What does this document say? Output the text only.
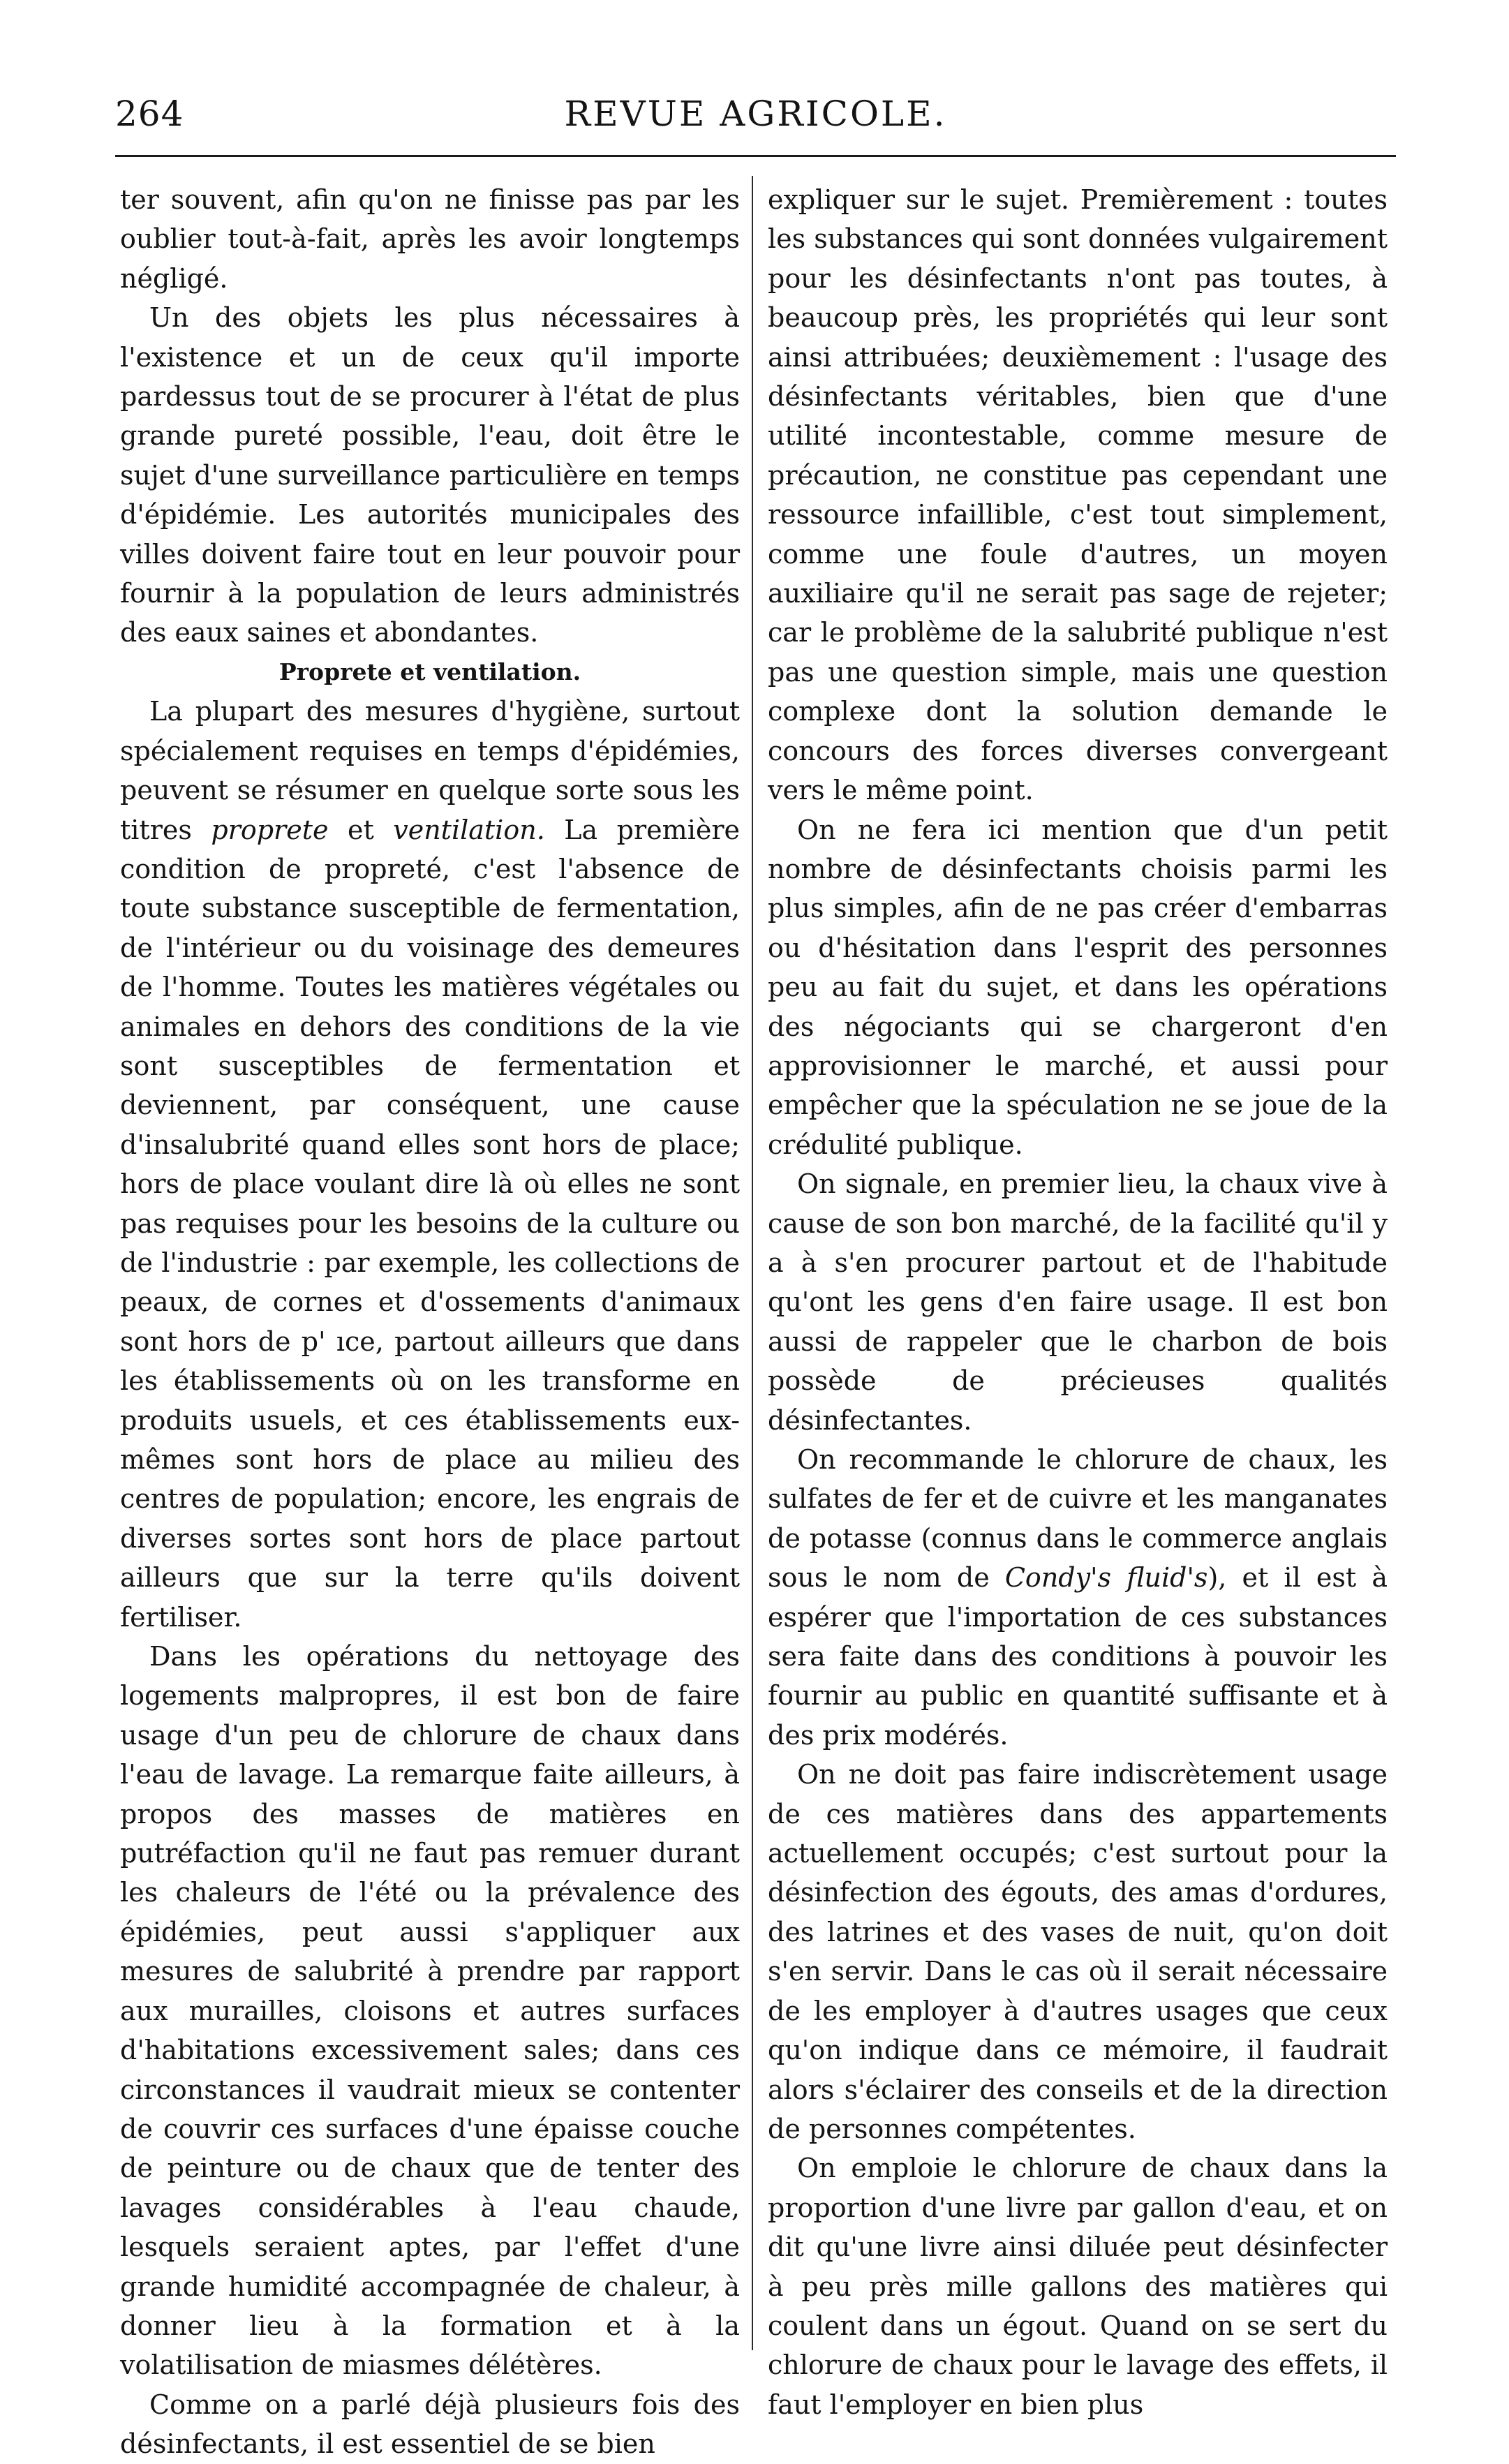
264	REVUE AGRICOLE.

ter souvent, afin qu'on ne finisse pas par les oublier tout-à-fait, après les avoir longtemps négligé.

Un des objets les plus nécessaires à l'existence et un de ceux qu'il importe pardessus tout de se procurer à l'état de plus grande pureté possible, l'eau, doit être le sujet d'une surveillance particulière en temps d'épidémie. Les autorités municipales des villes doivent faire tout en leur pouvoir pour fournir à la population de leurs administrés des eaux saines et abondantes.

Proprete et ventilation.

La plupart des mesures d'hygiène, surtout spécialement requises en temps d'épidémies, peuvent se résumer en quelque sorte sous les titres proprete et ventilation. La première condition de propreté, c'est l'absence de toute substance susceptible de fermentation, de l'intérieur ou du voisinage des demeures de l'homme. Toutes les matières végétales ou animales en dehors des conditions de la vie sont susceptibles de fermentation et deviennent, par conséquent, une cause d'insalubrité quand elles sont hors de place; hors de place voulant dire là où elles ne sont pas requises pour les besoins de la culture ou de l'industrie : par exemple, les collections de peaux, de cornes et d'ossements d'animaux sont hors de p' ıce, partout ailleurs que dans les établissements où on les transforme en produits usuels, et ces établissements eux-mêmes sont hors de place au milieu des centres de population; encore, les engrais de diverses sortes sont hors de place partout ailleurs que sur la terre qu'ils doivent fertiliser.

Dans les opérations du nettoyage des logements malpropres, il est bon de faire usage d'un peu de chlorure de chaux dans l'eau de lavage. La remarque faite ailleurs, à propos des masses de matières en putréfaction qu'il ne faut pas remuer durant les chaleurs de l'été ou la prévalence des épidémies, peut aussi s'appliquer aux mesures de salubrité à prendre par rapport aux murailles, cloisons et autres surfaces d'habitations excessivement sales; dans ces circonstances il vaudrait mieux se contenter de couvrir ces surfaces d'une épaisse couche de peinture ou de chaux que de tenter des lavages considérables à l'eau chaude, lesquels seraient aptes, par l'effet d'une grande humidité accompagnée de chaleur, à donner lieu à la formation et à la volatilisation de miasmes délétères.

Comme on a parlé déjà plusieurs fois des désinfectants, il est essentiel de se bien

expliquer sur le sujet. Premièrement : toutes les substances qui sont données vulgairement pour les désinfectants n'ont pas toutes, à beaucoup près, les propriétés qui leur sont ainsi attribuées; deuxièmement : l'usage des désinfectants véritables, bien que d'une utilité incontestable, comme mesure de précaution, ne constitue pas cependant une ressource infaillible, c'est tout simplement, comme une foule d'autres, un moyen auxiliaire qu'il ne serait pas sage de rejeter; car le problème de la salubrité publique n'est pas une question simple, mais une question complexe dont la solution demande le concours des forces diverses convergeant vers le même point.

On ne fera ici mention que d'un petit nombre de désinfectants choisis parmi les plus simples, afin de ne pas créer d'embarras ou d'hésitation dans l'esprit des personnes peu au fait du sujet, et dans les opérations des négociants qui se chargeront d'en approvisionner le marché, et aussi pour empêcher que la spéculation ne se joue de la crédulité publique.

On signale, en premier lieu, la chaux vive à cause de son bon marché, de la facilité qu'il y a à s'en procurer partout et de l'habitude qu'ont les gens d'en faire usage. Il est bon aussi de rappeler que le charbon de bois possède de précieuses qualités désinfectantes.

On recommande le chlorure de chaux, les sulfates de fer et de cuivre et les manganates de potasse (connus dans le commerce anglais sous le nom de Condy's fluid's), et il est à espérer que l'importation de ces substances sera faite dans des conditions à pouvoir les fournir au public en quantité suffisante et à des prix modérés.

On ne doit pas faire indiscrètement usage de ces matières dans des appartements actuellement occupés; c'est surtout pour la désinfection des égouts, des amas d'ordures, des latrines et des vases de nuit, qu'on doit s'en servir. Dans le cas où il serait nécessaire de les employer à d'autres usages que ceux qu'on indique dans ce mémoire, il faudrait alors s'éclairer des conseils et de la direction de personnes compétentes.

On emploie le chlorure de chaux dans la proportion d'une livre par gallon d'eau, et on dit qu'une livre ainsi diluée peut désinfecter à peu près mille gallons des matières qui coulent dans un égout. Quand on se sert du chlorure de chaux pour le lavage des effets, il faut l'employer en bien plus
